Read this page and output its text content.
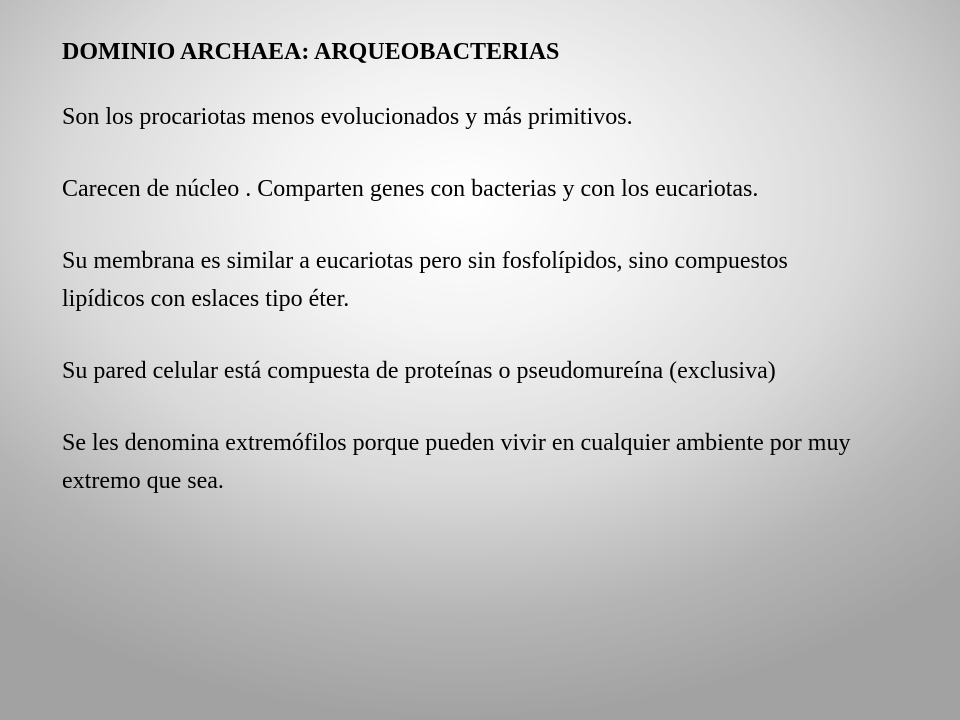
DOMINIO ARCHAEA: ARQUEOBACTERIAS

Son los procariotas menos evolucionados y más primitivos.

Carecen de núcleo . Comparten genes con bacterias y con los eucariotas.

Su membrana es similar a eucariotas pero sin fosfolípidos, sino compuestos lipídicos con eslaces tipo éter.

Su pared celular está compuesta de proteínas o pseudomureína (exclusiva)

Se les denomina extremófilos porque pueden vivir en cualquier ambiente por muy extremo que sea.
